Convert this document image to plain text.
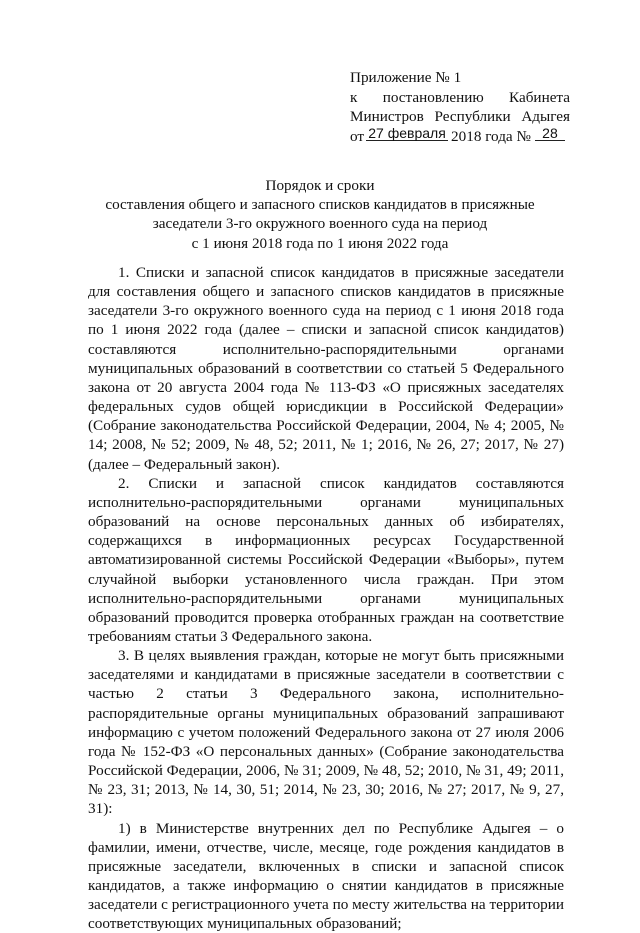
Приложение № 1
к постановлению Кабинета
Министров Республики Адыгея
от 27 февраля 2018 года № 28
Порядок и сроки
составления общего и запасного списков кандидатов в присяжные
заседатели 3-го окружного военного суда на период
с 1 июня 2018 года по 1 июня 2022 года

1. Списки и запасной список кандидатов в присяжные заседатели для составления общего и запасного списков кандидатов в присяжные заседатели 3-го окружного военного суда на период с 1 июня 2018 года по 1 июня 2022 года (далее – списки и запасной список кандидатов) составляются исполнительно-распорядительными органами муниципальных образований в соответствии со статьей 5 Федерального закона от 20 августа 2004 года № 113-ФЗ «О присяжных заседателях федеральных судов общей юрисдикции в Российской Федерации» (Собрание законодательства Российской Федерации, 2004, № 4; 2005, № 14; 2008, № 52; 2009, № 48, 52; 2011, № 1; 2016, № 26, 27; 2017, № 27) (далее – Федеральный закон).

2. Списки и запасной список кандидатов составляются исполнительно-распорядительными органами муниципальных образований на основе персональных данных об избирателях, содержащихся в информационных ресурсах Государственной автоматизированной системы Российской Федерации «Выборы», путем случайной выборки установленного числа граждан. При этом исполнительно-распорядительными органами муниципальных образований проводится проверка отобранных граждан на соответствие требованиям статьи 3 Федерального закона.

3. В целях выявления граждан, которые не могут быть присяжными заседателями и кандидатами в присяжные заседатели в соответствии с частью 2 статьи 3 Федерального закона, исполнительно-распорядительные органы муниципальных образований запрашивают информацию с учетом положений Федерального закона от 27 июля 2006 года № 152-ФЗ «О персональных данных» (Собрание законодательства Российской Федерации, 2006, № 31; 2009, № 48, 52; 2010, № 31, 49; 2011, № 23, 31; 2013, № 14, 30, 51; 2014, № 23, 30; 2016, № 27; 2017, № 9, 27, 31):

1) в Министерстве внутренних дел по Республике Адыгея – о фамилии, имени, отчестве, числе, месяце, годе рождения кандидатов в присяжные заседатели, включенных в списки и запасной список кандидатов, а также информацию о снятии кандидатов в присяжные заседатели с регистрационного учета по месту жительства на территории соответствующих муниципальных образований;
